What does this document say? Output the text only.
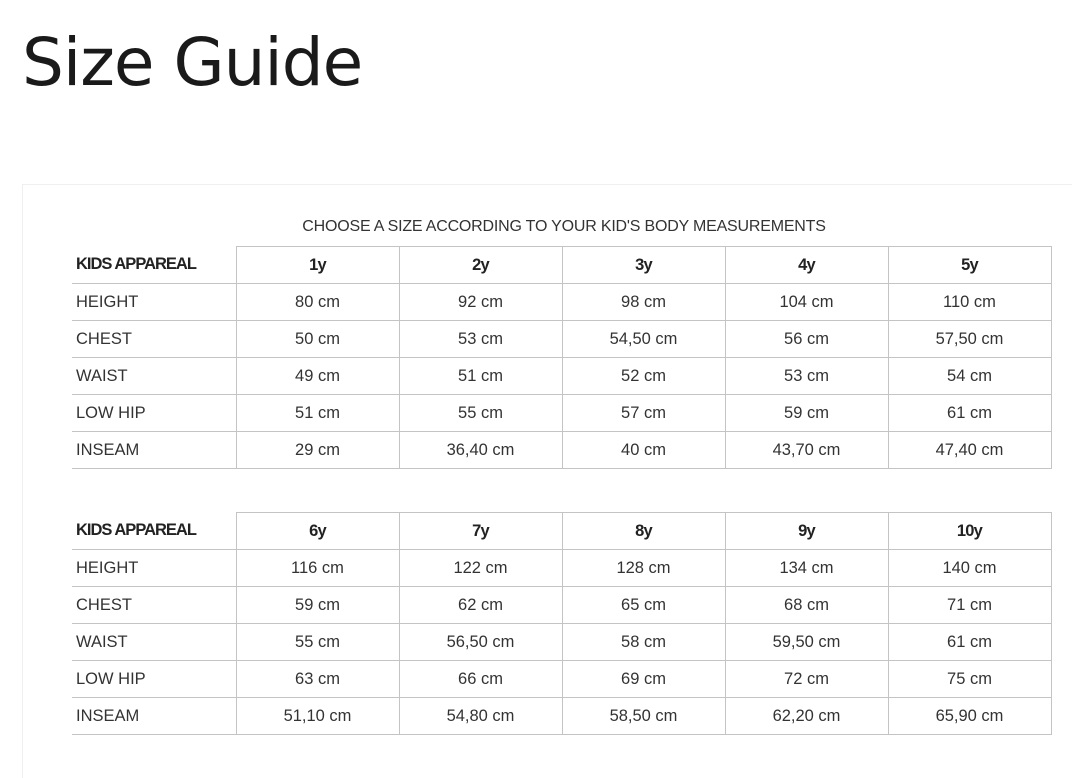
Size Guide
CHOOSE A SIZE ACCORDING TO YOUR KID'S BODY MEASUREMENTS
KIDS APPAREAL	1y	2y	3y	4y	5y
HEIGHT	80 cm	92 cm	98 cm	104 cm	110 cm
CHEST	50 cm	53 cm	54,50 cm	56 cm	57,50 cm
WAIST	49 cm	51 cm	52 cm	53 cm	54 cm
LOW HIP	51 cm	55 cm	57 cm	59 cm	61 cm
INSEAM	29 cm	36,40 cm	40 cm	43,70 cm	47,40 cm
KIDS APPAREAL	6y	7y	8y	9y	10y
HEIGHT	116 cm	122 cm	128 cm	134 cm	140 cm
CHEST	59 cm	62 cm	65 cm	68 cm	71 cm
WAIST	55 cm	56,50 cm	58 cm	59,50 cm	61 cm
LOW HIP	63 cm	66 cm	69 cm	72 cm	75 cm
INSEAM	51,10 cm	54,80 cm	58,50 cm	62,20 cm	65,90 cm
